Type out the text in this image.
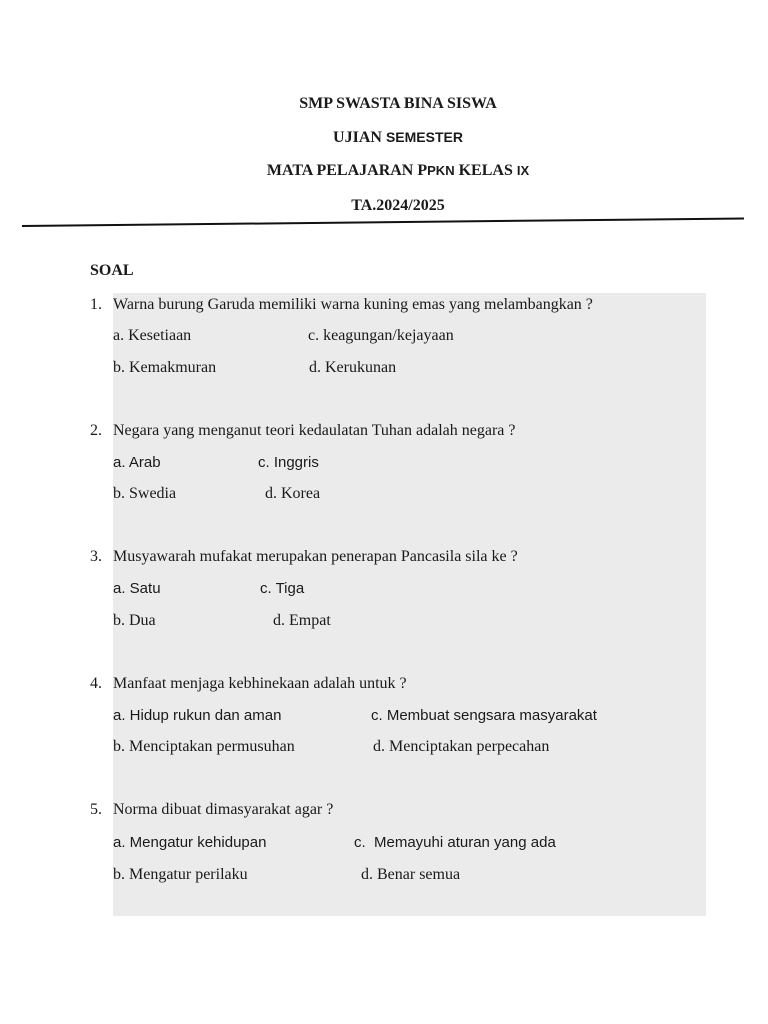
SMP SWASTA BINA SISWA
UJIAN SEMESTER
MATA PELAJARAN PPKN KELAS IX
TA.2024/2025
SOAL
1. Warna burung Garuda memiliki warna kuning emas yang melambangkan ?
a. Kesetiaan	c. keagungan/kejayaan
b. Kemakmuran	d. Kerukunan
2. Negara yang menganut teori kedaulatan Tuhan adalah negara ?
a. Arab	c. Inggris
b. Swedia	d. Korea
3. Musyawarah mufakat merupakan penerapan Pancasila sila ke ?
a. Satu	c. Tiga
b. Dua	d. Empat
4. Manfaat menjaga kebhinekaan adalah untuk ?
a. Hidup rukun dan aman	c. Membuat sengsara masyarakat
b. Menciptakan permusuhan	d. Menciptakan perpecahan
5. Norma dibuat dimasyarakat agar ?
a. Mengatur kehidupan	c.  Memayuhi aturan yang ada
b. Mengatur perilaku	d. Benar semua
